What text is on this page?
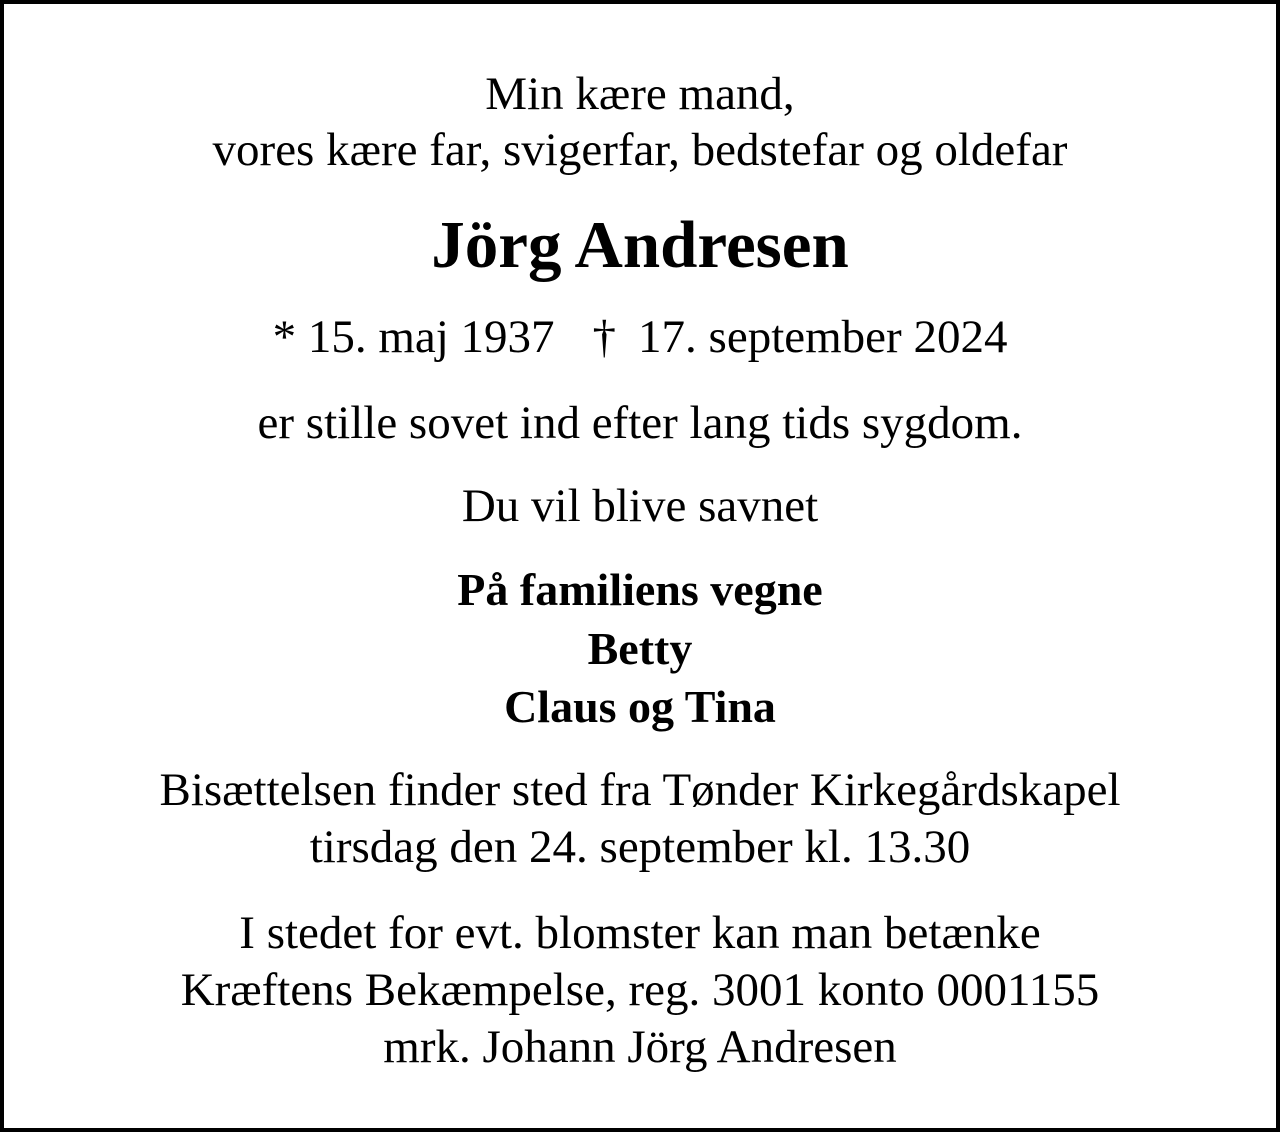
Min kære mand,
vores kære far, svigerfar, bedstefar og oldefar
Jörg Andresen
* 15. maj 1937 † 17. september 2024
er stille sovet ind efter lang tids sygdom.
Du vil blive savnet
På familiens vegne
Betty
Claus og Tina
Bisættelsen finder sted fra Tønder Kirkegårdskapel
tirsdag den 24. september kl. 13.30
I stedet for evt. blomster kan man betænke
Kræftens Bekæmpelse, reg. 3001 konto 0001155
mrk. Johann Jörg Andresen
